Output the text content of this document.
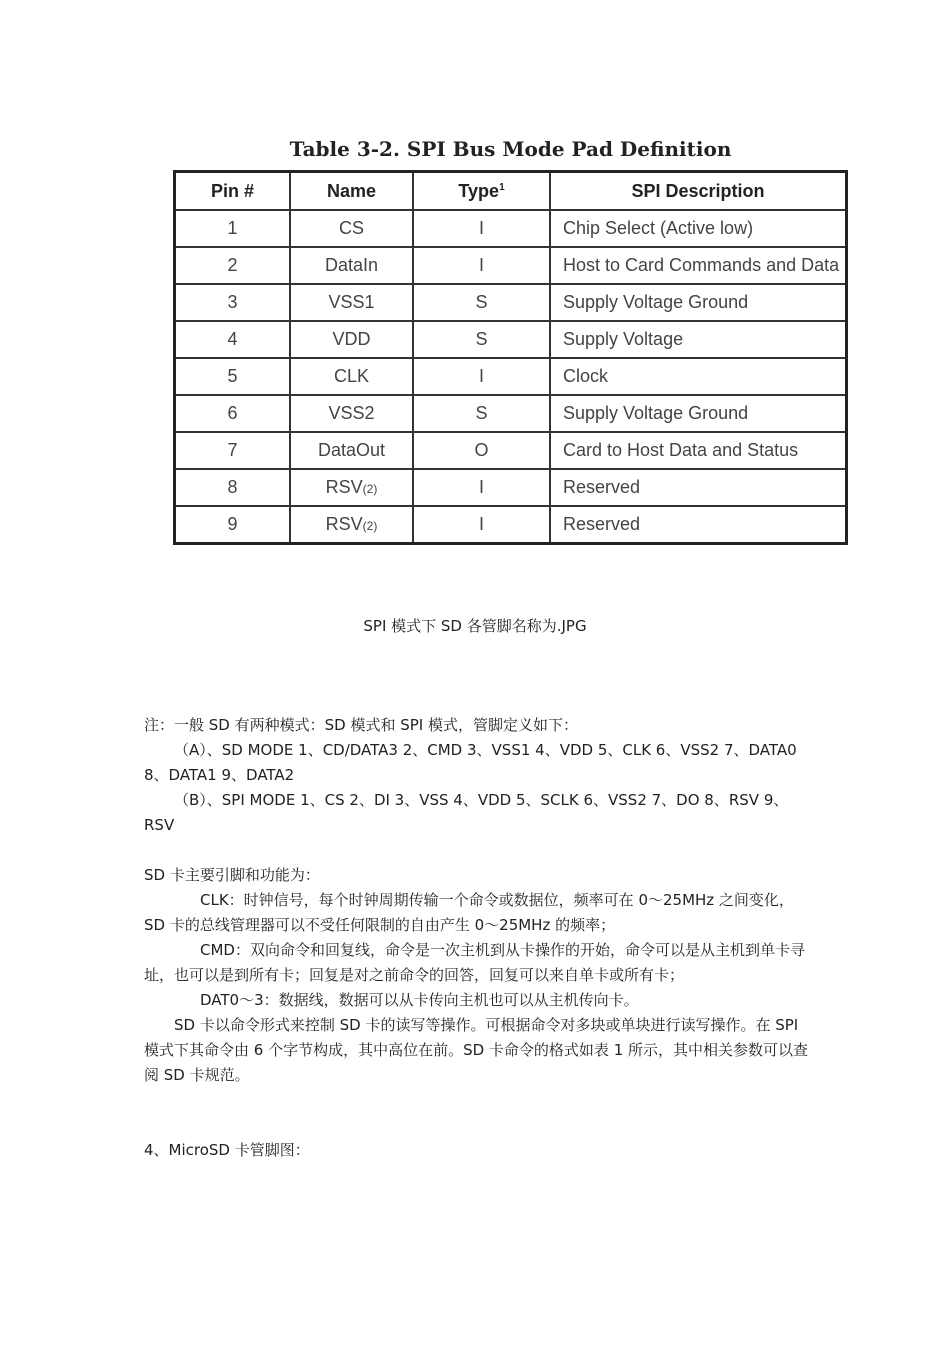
Table 3-2. SPI Bus Mode Pad Definition
Pin #	Name	Type$^1$	SPI Description
1	CS	I	Chip Select (Active low)
2	DataIn	I	Host to Card Commands and Data
3	VSS1	S	Supply Voltage Ground
4	VDD	S	Supply Voltage
5	CLK	I	Clock
6	VSS2	S	Supply Voltage Ground
7	DataOut	O	Card to Host Data and Status
8	RSV(2)	I	Reserved
9	RSV(2)	I	Reserved
SPI 模式下 SD 各管脚名称为.JPG

注：一般 SD 有两种模式：SD 模式和 SPI 模式，管脚定义如下：

（A）、SD MODE 1、CD/DATA3 2、CMD 3、VSS1 4、VDD 5、CLK 6、VSS2 7、DATA0 8、DATA1 9、DATA2

（B）、SPI MODE 1、CS 2、DI 3、VSS 4、VDD 5、SCLK 6、VSS2 7、DO 8、RSV 9、RSV

SD 卡主要引脚和功能为：

CLK：时钟信号，每个时钟周期传输一个命令或数据位，频率可在 0～25MHz 之间变化，SD 卡的总线管理器可以不受任何限制的自由产生 0～25MHz 的频率；

CMD：双向命令和回复线，命令是一次主机到从卡操作的开始，命令可以是从主机到单卡寻址，也可以是到所有卡；回复是对之前命令的回答，回复可以来自单卡或所有卡；

DAT0～3：数据线，数据可以从卡传向主机也可以从主机传向卡。

SD 卡以命令形式来控制 SD 卡的读写等操作。可根据命令对多块或单块进行读写操作。在 SPI 模式下其命令由 6 个字节构成，其中高位在前。SD 卡命令的格式如表 1 所示，其中相关参数可以查阅 SD 卡规范。

4、MicroSD 卡管脚图：
